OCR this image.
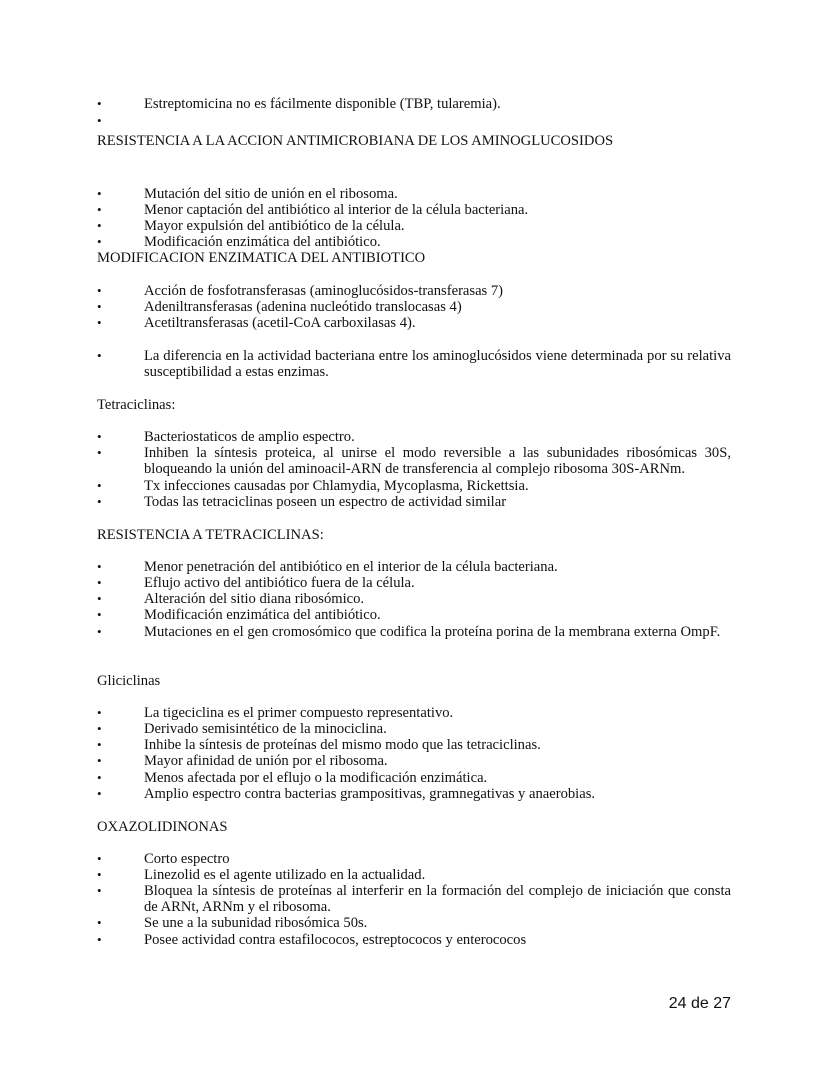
•	Estreptomicina no es fácilmente disponible (TBP, tularemia).
•
RESISTENCIA A LA ACCION ANTIMICROBIANA DE LOS AMINOGLUCOSIDOS
•	Mutación del sitio de unión en el ribosoma.
•	Menor captación del antibiótico al interior de la célula bacteriana.
•	Mayor expulsión del antibiótico de la célula.
•	Modificación enzimática del antibiótico.
MODIFICACION ENZIMATICA DEL ANTIBIOTICO
•	Acción de fosfotransferasas (aminoglucósidos-transferasas 7)
•	Adeniltransferasas (adenina nucleótido translocasas 4)
•	Acetiltransferasas (acetil-CoA carboxilasas 4).
•	La diferencia en la actividad bacteriana entre los aminoglucósidos viene determinada por su relativa susceptibilidad a estas enzimas.
Tetraciclinas:
•	Bacteriostaticos de amplio espectro.
•	Inhiben la síntesis proteica, al unirse el modo reversible a las subunidades ribosómicas 30S, bloqueando la unión del aminoacil-ARN de transferencia al complejo ribosoma 30S-ARNm.
•	Tx infecciones causadas por Chlamydia, Mycoplasma, Rickettsia.
•	Todas las tetraciclinas poseen un espectro de actividad similar
RESISTENCIA A TETRACICLINAS:
•	Menor penetración del antibiótico en el interior de la célula bacteriana.
•	Eflujo activo del antibiótico fuera de la célula.
•	Alteración del sitio diana ribosómico.
•	Modificación enzimática del antibiótico.
•	Mutaciones en el gen cromosómico que codifica la proteína porina de la membrana externa OmpF.
Gliciclinas
•	La tigeciclina es el primer compuesto representativo.
•	Derivado semisintético de la minociclina.
•	Inhibe la síntesis de proteínas del mismo modo que las tetraciclinas.
•	Mayor afinidad de unión por el ribosoma.
•	Menos afectada por el eflujo o la modificación enzimática.
•	Amplio espectro contra bacterias grampositivas, gramnegativas y anaerobias.
OXAZOLIDINONAS
•	Corto espectro
•	Linezolid es el agente utilizado en la actualidad.
•	Bloquea la síntesis de proteínas al interferir en la formación del complejo de iniciación que consta de ARNt, ARNm y el ribosoma.
•	Se une a la subunidad ribosómica 50s.
•	Posee actividad contra estafilococos, estreptococos y enterococos
24 de 27
